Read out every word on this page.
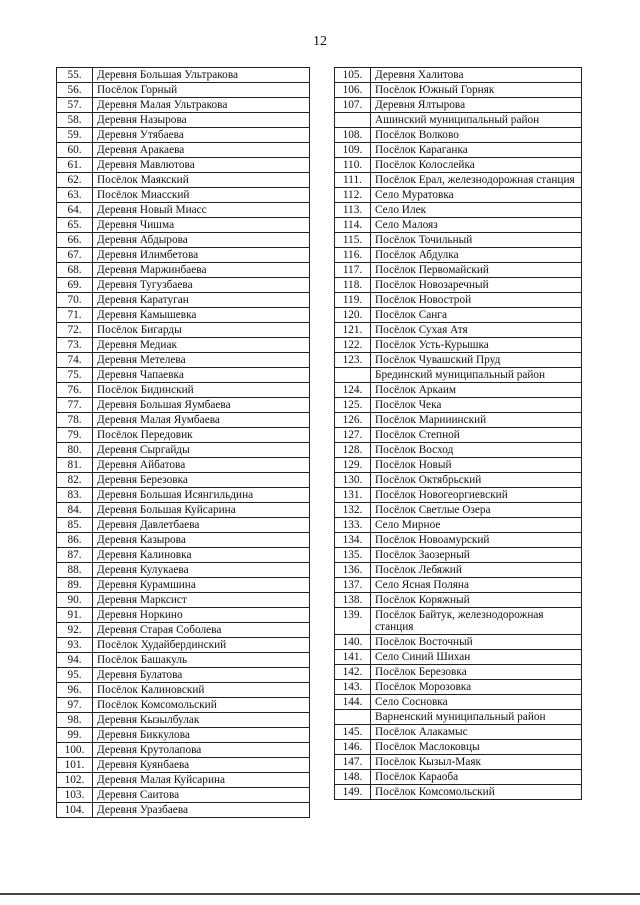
12
55.	Деревня Большая Ультракова
56.	Посёлок Горный
57.	Деревня Малая Ультракова
58.	Деревня Назырова
59.	Деревня Утябаева
60.	Деревня Аракаева
61.	Деревня Мавлютова
62.	Посёлок Маякский
63.	Посёлок Миасский
64.	Деревня Новый Миасс
65.	Деревня Чишма
66.	Деревня Абдырова
67.	Деревня Илимбетова
68.	Деревня Маржинбаева
69.	Деревня Тугузбаева
70.	Деревня Каратуган
71.	Деревня Камышевка
72.	Посёлок Бигарды
73.	Деревня Медиак
74.	Деревня Метелева
75.	Деревня Чапаевка
76.	Посёлок Бидинский
77.	Деревня Большая Яумбаева
78.	Деревня Малая Яумбаева
79.	Посёлок Передовик
80.	Деревня Сыргайды
81.	Деревня Айбатова
82.	Деревня Березовка
83.	Деревня Большая Исянгильдина
84.	Деревня Большая Куйсарина
85.	Деревня Давлетбаева
86.	Деревня Казырова
87.	Деревня Калиновка
88.	Деревня Кулукаева
89.	Деревня Курамшина
90.	Деревня Марксист
91.	Деревня Норкино
92.	Деревня Старая Соболева
93.	Посёлок Худайбердинский
94.	Посёлок Башакуль
95.	Деревня Булатова
96.	Посёлок Калиновский
97.	Посёлок Комсомольский
98.	Деревня Кызылбулак
99.	Деревня Биккулова
100.	Деревня Крутолапова
101.	Деревня Куянбаева
102.	Деревня Малая Куйсарина
103.	Деревня Саитова
104.	Деревня Уразбаева
105.	Деревня Халитова
106.	Посёлок Южный Горняк
107.	Деревня Ялтырова
	Ашинский муниципальный район
108.	Посёлок Волково
109.	Посёлок Караганка
110.	Посёлок Колослейка
111.	Посёлок Ерал, железнодорожная станция
112.	Село Муратовка
113.	Село Илек
114.	Село Малояз
115.	Посёлок Точильный
116.	Посёлок Абдулка
117.	Посёлок Первомайский
118.	Посёлок Новозаречный
119.	Посёлок Новострой
120.	Посёлок Санга
121.	Посёлок Сухая Атя
122.	Посёлок Усть-Курышка
123.	Посёлок Чувашский Пруд
	Брединский муниципальный район
124.	Посёлок Аркаим
125.	Посёлок Чека
126.	Посёлок Марииинский
127.	Посёлок Степной
128.	Посёлок Восход
129.	Посёлок Новый
130.	Посёлок Октябрьский
131.	Посёлок Новогеоргиевский
132.	Посёлок Светлые Озера
133.	Село Мирное
134.	Посёлок Новоамурский
135.	Посёлок Заозерный
136.	Посёлок Лебяжий
137.	Село Ясная Поляна
138.	Посёлок Коряжный
139.	Посёлок Байтук, железнодорожная станция
140.	Посёлок Восточный
141.	Село Синий Шихан
142.	Посёлок Березовка
143.	Посёлок Морозовка
144.	Село Сосновка
	Варненский муниципальный район
145.	Посёлок Алакамыс
146.	Посёлок Маслоковцы
147.	Посёлок Кызыл-Маяк
148.	Посёлок Караоба
149.	Посёлок Комсомольский
